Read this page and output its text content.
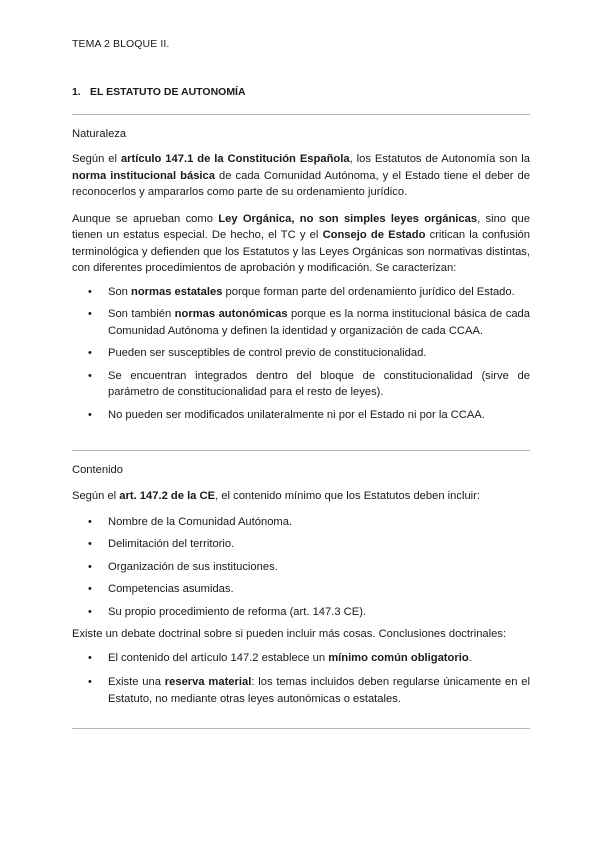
TEMA 2 BLOQUE II.
1. EL ESTATUTO DE AUTONOMÍA
Naturaleza

Según el artículo 147.1 de la Constitución Española, los Estatutos de Autonomía son la norma institucional básica de cada Comunidad Autónoma, y el Estado tiene el deber de reconocerlos y ampararlos como parte de su ordenamiento jurídico.

Aunque se aprueban como Ley Orgánica, no son simples leyes orgánicas, sino que tienen un estatus especial. De hecho, el TC y el Consejo de Estado critican la confusión terminológica y defienden que los Estatutos y las Leyes Orgánicas son normativas distintas, con diferentes procedimientos de aprobación y modificación. Se caracterizan:

• Son normas estatales porque forman parte del ordenamiento jurídico del Estado.
• Son también normas autonómicas porque es la norma institucional básica de cada Comunidad Autónoma y definen la identidad y organización de cada CCAA.
• Pueden ser susceptibles de control previo de constitucionalidad.
• Se encuentran integrados dentro del bloque de constitucionalidad (sirve de parámetro de constitucionalidad para el resto de leyes).
• No pueden ser modificados unilateralmente ni por el Estado ni por la CCAA.
Contenido

Según el art. 147.2 de la CE, el contenido mínimo que los Estatutos deben incluir:

• Nombre de la Comunidad Autónoma.
• Delimitación del territorio.
• Organización de sus instituciones.
• Competencias asumidas.
• Su propio procedimiento de reforma (art. 147.3 CE).

Existe un debate doctrinal sobre si pueden incluir más cosas. Conclusiones doctrinales:

• El contenido del artículo 147.2 establece un mínimo común obligatorio.
• Existe una reserva material: los temas incluidos deben regularse únicamente en el Estatuto, no mediante otras leyes autonómicas o estatales.
